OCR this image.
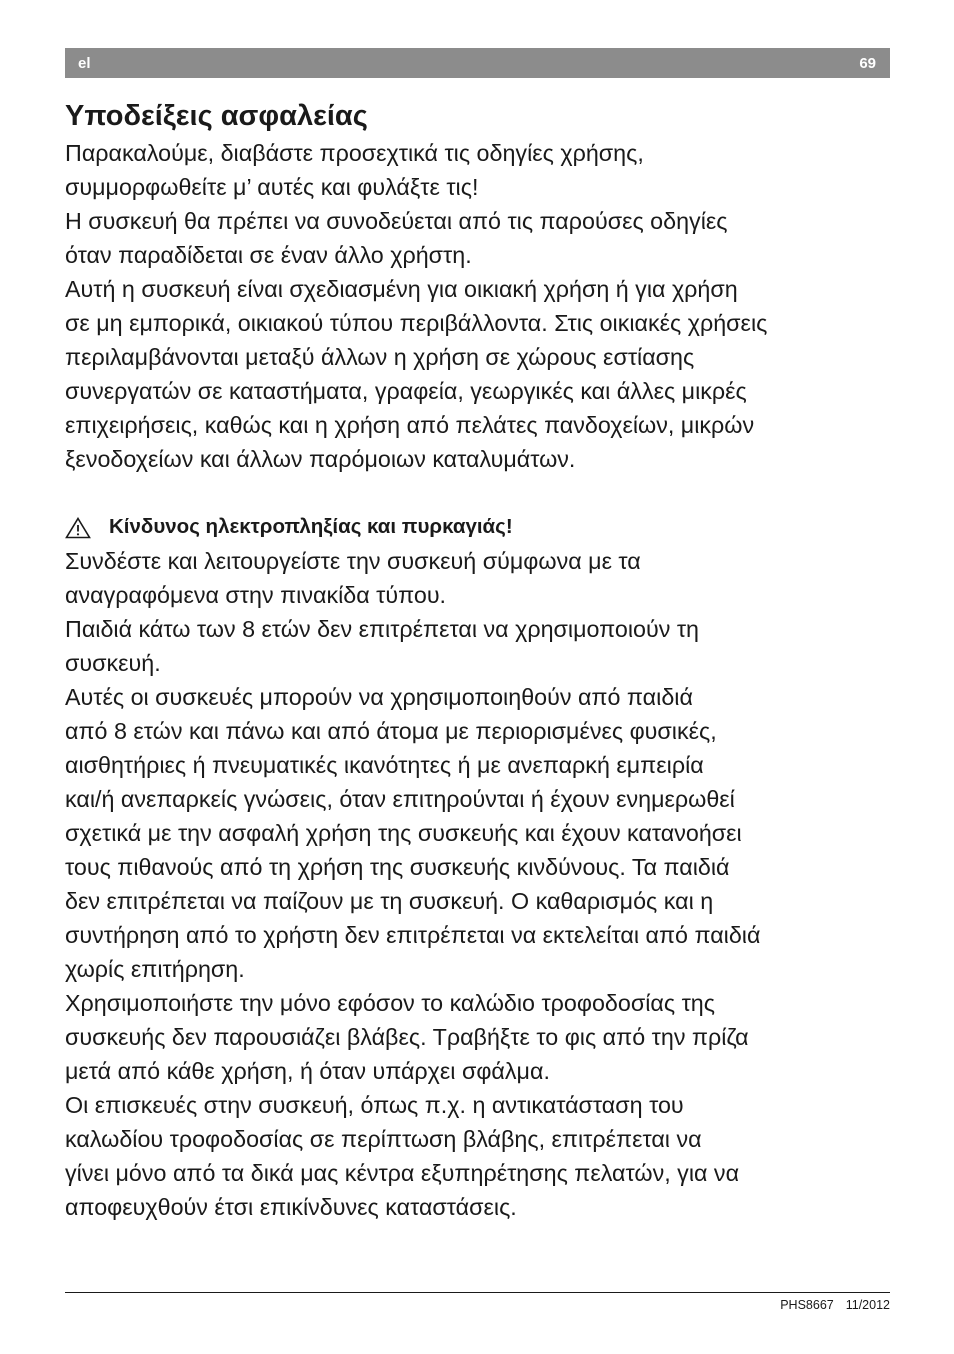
el	69
Υποδείξεις ασφαλείας

Παρακαλούμε, διαβάστε προσεχτικά τις οδηγίες χρήσης,
συμμορφωθείτε μ’ αυτές και φυλάξτε τις!

Η συσκευή θα πρέπει να συνοδεύεται από τις παρούσες οδηγίες
όταν παραδίδεται σε έναν άλλο χρήστη.

Αυτή η συσκευή είναι σχεδιασμένη για οικιακή χρήση ή για χρήση
σε μη εμπορικά, οικιακού τύπου περιβάλλοντα. Στις οικιακές χρήσεις
περιλαμβάνονται μεταξύ άλλων η χρήση σε χώρους εστίασης
συνεργατών σε καταστήματα, γραφεία, γεωργικές και άλλες μικρές
επιχειρήσεις, καθώς και η χρήση από πελάτες πανδοχείων, μικρών
ξενοδοχείων και άλλων παρόμοιων καταλυμάτων.

Κίνδυνος ηλεκτροπληξίας και πυρκαγιάς!

Συνδέστε και λειτουργείστε την συσκευή σύμφωνα με τα
αναγραφόμενα στην πινακίδα τύπου.

Παιδιά κάτω των 8 ετών δεν επιτρέπεται να χρησιμοποιούν τη
συσκευή.

Αυτές οι συσκευές μπορούν να χρησιμοποιηθούν από παιδιά
από 8 ετών και πάνω και από άτομα με περιορισμένες φυσικές,
αισθητήριες ή πνευματικές ικανότητες ή με ανεπαρκή εμπειρία
και/ή ανεπαρκείς γνώσεις, όταν επιτηρούνται ή έχουν ενημερωθεί
σχετικά με την ασφαλή χρήση της συσκευής και έχουν κατανοήσει
τους πιθανούς από τη χρήση της συσκευής κινδύνους. Τα παιδιά
δεν επιτρέπεται να παίζουν με τη συσκευή. Ο καθαρισμός και η
συντήρηση από το χρήστη δεν επιτρέπεται να εκτελείται από παιδιά
χωρίς επιτήρηση.

Χρησιμοποιήστε την μόνο εφόσον το καλώδιο τροφοδοσίας της
συσκευής δεν παρουσιάζει βλάβες. Τραβήξτε το φις από την πρίζα
μετά από κάθε χρήση, ή όταν υπάρχει σφάλμα.

Οι επισκευές στην συσκευή, όπως π.χ. η αντικατάσταση του
καλωδίου τροφοδοσίας σε περίπτωση βλάβης, επιτρέπεται να
γίνει μόνο από τα δικά μας κέντρα εξυπηρέτησης πελατών, για να
αποφευχθούν έτσι επικίνδυνες καταστάσεις.

PHS8667 11/2012
